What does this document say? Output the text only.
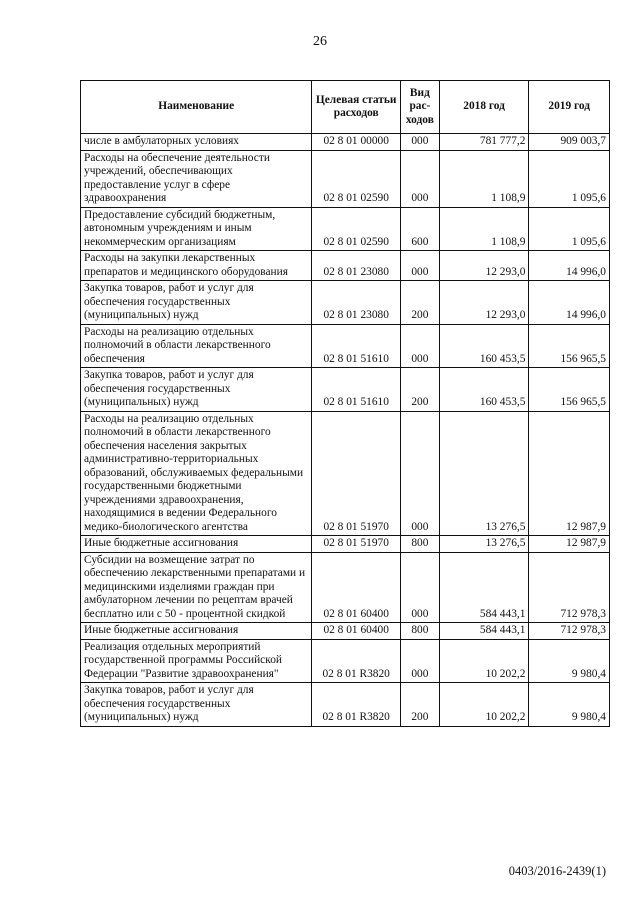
26
Наименование	Целевая статьи расходов	Вид рас-ходов	2018 год	2019 год
числе в амбулаторных условиях	02 8 01 00000	000	781 777,2	909 003,7
Расходы на обеспечение деятельности учреждений, обеспечивающих предоставление услуг в сфере здравоохранения	02 8 01 02590	000	1 108,9	1 095,6
Предоставление субсидий бюджетным, автономным учреждениям и иным некоммерческим организациям	02 8 01 02590	600	1 108,9	1 095,6
Расходы на закупки лекарственных препаратов и медицинского оборудования	02 8 01 23080	000	12 293,0	14 996,0
Закупка товаров, работ и услуг для обеспечения государственных (муниципальных) нужд	02 8 01 23080	200	12 293,0	14 996,0
Расходы на реализацию отдельных полномочий в области лекарственного обеспечения	02 8 01 51610	000	160 453,5	156 965,5
Закупка товаров, работ и услуг для обеспечения государственных (муниципальных) нужд	02 8 01 51610	200	160 453,5	156 965,5
Расходы на реализацию отдельных полномочий в области лекарственного обеспечения населения закрытых административно-территориальных образований, обслуживаемых федеральными государственными бюджетными учреждениями здравоохранения, находящимися в ведении Федерального медико-биологического агентства	02 8 01 51970	000	13 276,5	12 987,9
Иные бюджетные ассигнования	02 8 01 51970	800	13 276,5	12 987,9
Субсидии на возмещение затрат по обеспечению лекарственными препаратами и медицинскими изделиями граждан при амбулаторном лечении по рецептам врачей бесплатно или с 50 - процентной скидкой	02 8 01 60400	000	584 443,1	712 978,3
Иные бюджетные ассигнования	02 8 01 60400	800	584 443,1	712 978,3
Реализация отдельных мероприятий государственной программы Российской Федерации "Развитие здравоохранения"	02 8 01 R3820	000	10 202,2	9 980,4
Закупка товаров, работ и услуг для обеспечения государственных (муниципальных) нужд	02 8 01 R3820	200	10 202,2	9 980,4
0403/2016-2439(1)
